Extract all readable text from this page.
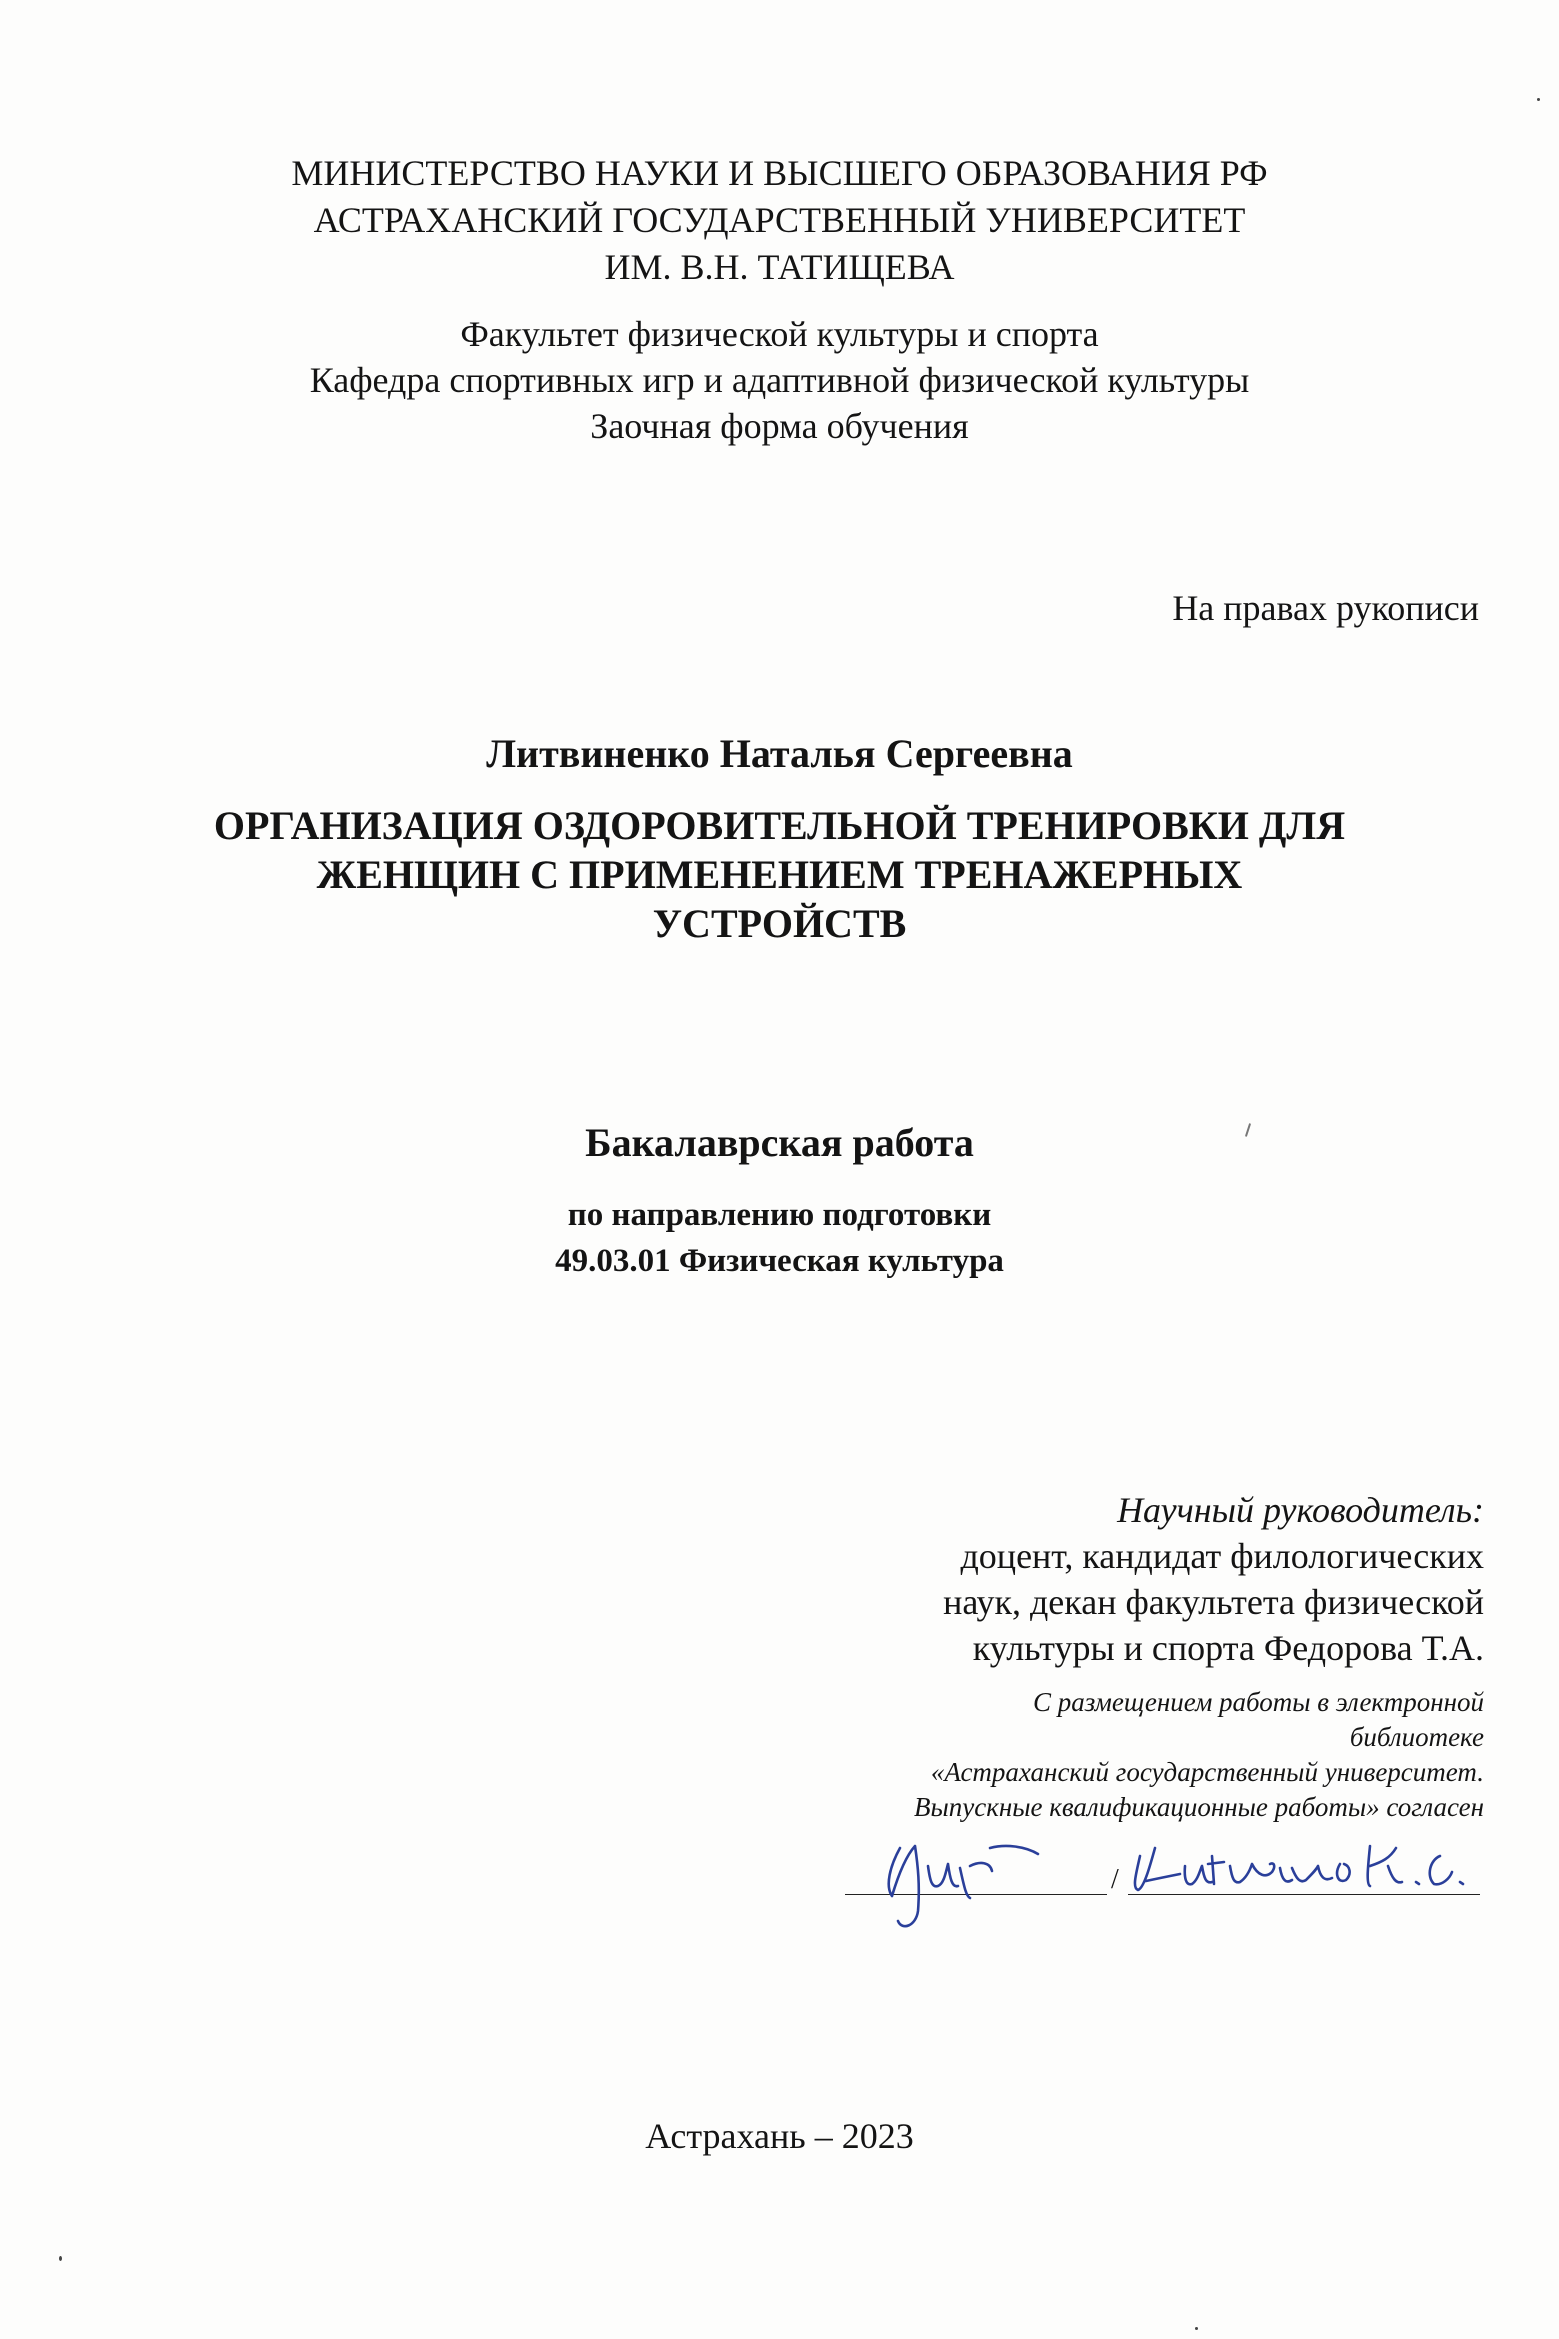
МИНИСТЕРСТВО НАУКИ И ВЫСШЕГО ОБРАЗОВАНИЯ РФ
АСТРАХАНСКИЙ ГОСУДАРСТВЕННЫЙ УНИВЕРСИТЕТ
ИМ. В.Н. ТАТИЩЕВА
Факультет физической культуры и спорта
Кафедра спортивных игр и адаптивной физической культуры
Заочная форма обучения
На правах рукописи
Литвиненко Наталья Сергеевна
ОРГАНИЗАЦИЯ ОЗДОРОВИТЕЛЬНОЙ ТРЕНИРОВКИ ДЛЯ
ЖЕНЩИН С ПРИМЕНЕНИЕМ ТРЕНАЖЕРНЫХ
УСТРОЙСТВ
Бакалаврская работа
по направлению подготовки
49.03.01 Физическая культура
Научный руководитель:
доцент, кандидат филологических
наук, декан факультета физической
культуры и спорта Федорова Т.А.
С размещением работы в электронной
библиотеке
«Астраханский государственный университет.
Выпускные квалификационные работы» согласен
/
Астрахань – 2023
